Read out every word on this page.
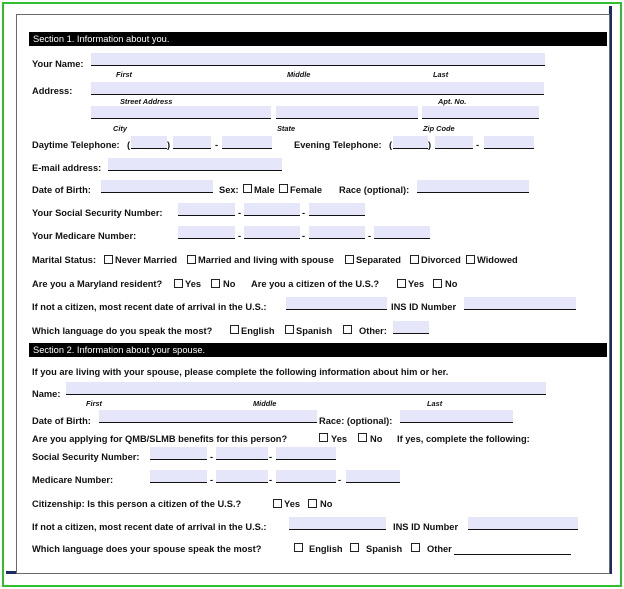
Section 1. Information about you.
Your Name:
First	Middle	Last
Address:
Street Address	Apt. No.
City	State	Zip Code
Daytime Telephone: (	)	-	Evening Telephone: (	)	-
E-mail address:
Date of Birth:	Sex: Male Female Race (optional):
Your Social Security Number:	-	-
Your Medicare Number:	-	-	-
Marital Status: Never Married Married and living with spouse Separated Divorced Widowed
Are you a Maryland resident? Yes No Are you a citizen of the U.S.?	Yes No
If not a citizen, most recent date of arrival in the U.S.:	INS ID Number
Which language do you speak the most?	English Spanish	Other:
Section 2. Information about your spouse.
If you are living with your spouse, please complete the following information about him or her.
Name:
First	Middle	Last
Date of Birth:	Race: (optional):
Are you applying for QMB/SLMB benefits for this person?	Yes No If yes, complete the following:
Social Security Number:	-	-
Medicare Number:	-	-	-
Citizenship: Is this person a citizen of the U.S.?	Yes No
If not a citizen, most recent date of arrival in the U.S.:	INS ID Number
Which language does your spouse speak the most?	English	Spanish	Other
